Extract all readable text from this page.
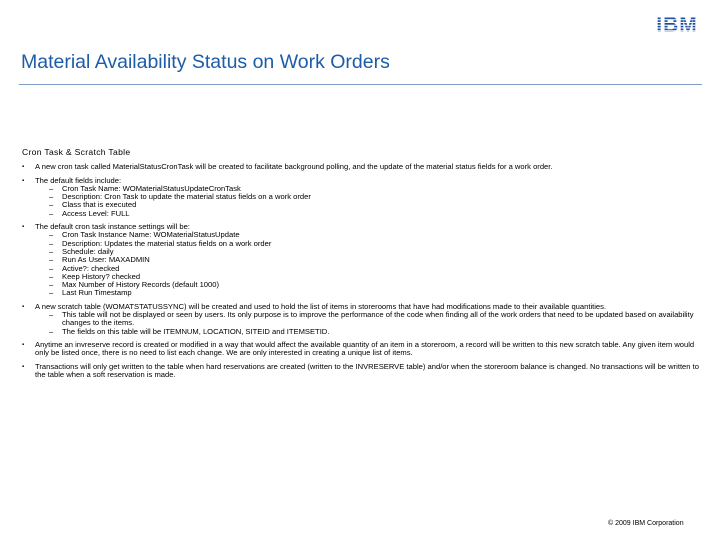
IBM
Material Availability Status on Work Orders
Cron Task & Scratch Table
▪ A new cron task called MaterialStatusCronTask will be created to facilitate background polling, and the update of the material status fields for a work order.
▪ The default fields include:
– Cron Task Name: WOMaterialStatusUpdateCronTask
– Description: Cron Task to update the material status fields on a work order
– Class that is executed
– Access Level: FULL
▪ The default cron task instance settings will be:
– Cron Task Instance Name: WOMaterialStatusUpdate
– Description: Updates the material status fields on a work order
– Schedule: daily
– Run As User: MAXADMIN
– Active?: checked
– Keep History? checked
– Max Number of History Records (default 1000)
– Last Run Timestamp
▪ A new scratch table (WOMATSTATUSSYNC) will be created and used to hold the list of items in storerooms that have had modifications made to their available quantities.
– This table will not be displayed or seen by users. Its only purpose is to improve the performance of the code when finding all of the work orders that need to be updated based on availability changes to the items.
– The fields on this table will be ITEMNUM, LOCATION, SITEID and ITEMSETID.
▪ Anytime an invreserve record is created or modified in a way that would affect the available quantity of an item in a storeroom, a record will be written to this new scratch table. Any given item would only be listed once, there is no need to list each change. We are only interested in creating a unique list of items.
▪ Transactions will only get written to the table when hard reservations are created (written to the INVRESERVE table) and/or when the storeroom balance is changed. No transactions will be written to the table when a soft reservation is made.
© 2009 IBM Corporation
